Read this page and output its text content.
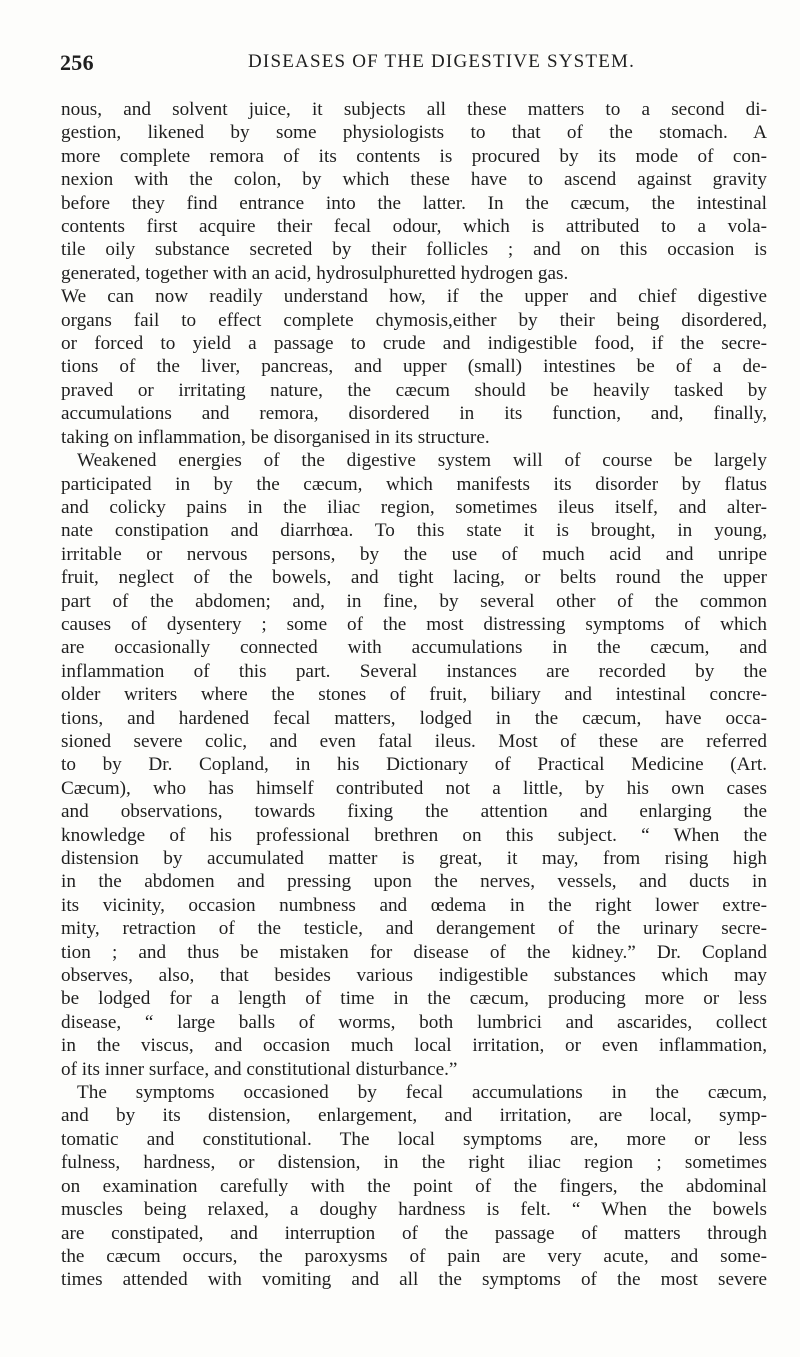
256	DISEASES OF THE DIGESTIVE SYSTEM.
nous, and solvent juice, it subjects all these matters to a second di-
gestion, likened by some physiologists to that of the stomach. A
more complete remora of its contents is procured by its mode of con-
nexion with the colon, by which these have to ascend against gravity
before they find entrance into the latter. In the cæcum, the intestinal
contents first acquire their fecal odour, which is attributed to a vola-
tile oily substance secreted by their follicles ; and on this occasion is
generated, together with an acid, hydrosulphuretted hydrogen gas.
We can now readily understand how, if the upper and chief digestive
organs fail to effect complete chymosis,either by their being disordered,
or forced to yield a passage to crude and indigestible food, if the secre-
tions of the liver, pancreas, and upper (small) intestines be of a de-
praved or irritating nature, the cæcum should be heavily tasked by
accumulations and remora, disordered in its function, and, finally,
taking on inflammation, be disorganised in its structure.
Weakened energies of the digestive system will of course be largely
participated in by the cæcum, which manifests its disorder by flatus
and colicky pains in the iliac region, sometimes ileus itself, and alter-
nate constipation and diarrhœa. To this state it is brought, in young,
irritable or nervous persons, by the use of much acid and unripe
fruit, neglect of the bowels, and tight lacing, or belts round the upper
part of the abdomen; and, in fine, by several other of the common
causes of dysentery ; some of the most distressing symptoms of which
are occasionally connected with accumulations in the cæcum, and
inflammation of this part. Several instances are recorded by the
older writers where the stones of fruit, biliary and intestinal concre-
tions, and hardened fecal matters, lodged in the cæcum, have occa-
sioned severe colic, and even fatal ileus. Most of these are referred
to by Dr. Copland, in his Dictionary of Practical Medicine (Art.
Cæcum), who has himself contributed not a little, by his own cases
and observations, towards fixing the attention and enlarging the
knowledge of his professional brethren on this subject. “ When the
distension by accumulated matter is great, it may, from rising high
in the abdomen and pressing upon the nerves, vessels, and ducts in
its vicinity, occasion numbness and œdema in the right lower extre-
mity, retraction of the testicle, and derangement of the urinary secre-
tion ; and thus be mistaken for disease of the kidney.” Dr. Copland
observes, also, that besides various indigestible substances which may
be lodged for a length of time in the cæcum, producing more or less
disease, “ large balls of worms, both lumbrici and ascarides, collect
in the viscus, and occasion much local irritation, or even inflammation,
of its inner surface, and constitutional disturbance.”
The symptoms occasioned by fecal accumulations in the cæcum,
and by its distension, enlargement, and irritation, are local, symp-
tomatic and constitutional. The local symptoms are, more or less
fulness, hardness, or distension, in the right iliac region ; sometimes
on examination carefully with the point of the fingers, the abdominal
muscles being relaxed, a doughy hardness is felt. “ When the bowels
are constipated, and interruption of the passage of matters through
the cæcum occurs, the paroxysms of pain are very acute, and some-
times attended with vomiting and all the symptoms of the most severe
